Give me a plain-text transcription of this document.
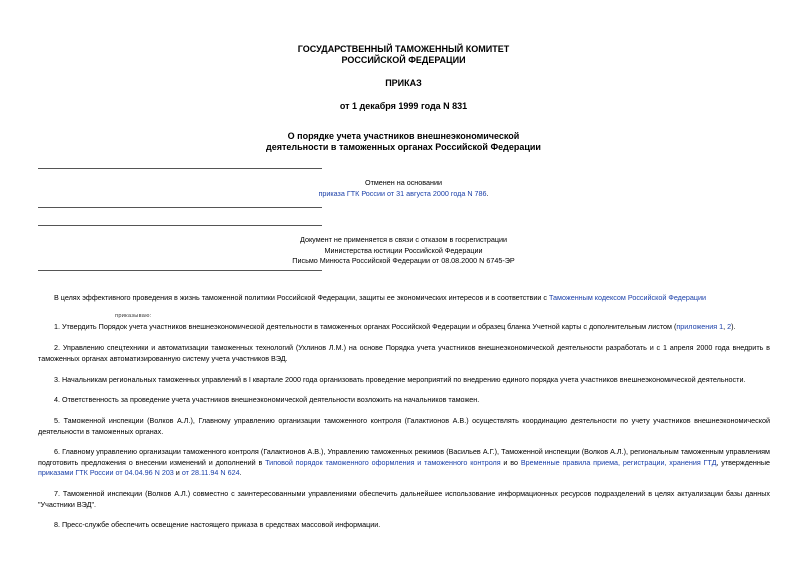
ГОСУДАРСТВЕННЫЙ ТАМОЖЕННЫЙ КОМИТЕТ
РОССИЙСКОЙ ФЕДЕРАЦИИ
ПРИКАЗ
от 1 декабря 1999 года N 831
О порядке учета участников внешнеэкономической
деятельности в таможенных органах Российской Федерации
Отменен на основании
приказа ГТК России от 31 августа 2000 года N 786.
Документ не применяется в связи с отказом в госрегистрации
Министерства юстиции Российской Федерации
Письмо Минюста Российской Федерации от 08.08.2000 N 6745-ЭР
В целях эффективного проведения в жизнь таможенной политики Российской Федерации, защиты ее экономических интересов и в соответствии с Таможенным кодексом Российской Федерации
приказываю:
1. Утвердить Порядок учета участников внешнеэкономической деятельности в таможенных органах Российской Федерации и образец бланка Учетной карты с дополнительным листом (приложения 1, 2).
2. Управлению спецтехники и автоматизации таможенных технологий (Ухлинов Л.М.) на основе Порядка учета участников внешнеэкономической деятельности разработать и с 1 апреля 2000 года внедрить в таможенных органах автоматизированную систему учета участников ВЭД.
3. Начальникам региональных таможенных управлений в I квартале 2000 года организовать проведение мероприятий по внедрению единого порядка учета участников внешнеэкономической деятельности.
4. Ответственность за проведение учета участников внешнеэкономической деятельности возложить на начальников таможен.
5. Таможенной инспекции (Волков А.Л.), Главному управлению организации таможенного контроля (Галактионов А.В.) осуществлять координацию деятельности по учету участников внешнеэкономической деятельности в таможенных органах.
6. Главному управлению организации таможенного контроля (Галактионов А.В.), Управлению таможенных режимов (Васильев А.Г.), Таможенной инспекции (Волков А.Л.), региональным таможенным управлениям подготовить предложения о внесении изменений и дополнений в Типовой порядок таможенного оформления и таможенного контроля и во Временные правила приема, регистрации, хранения ГТД, утвержденные приказами ГТК России от 04.04.96 N 203 и от 28.11.94 N 624.
7. Таможенной инспекции (Волков А.Л.) совместно с заинтересованными управлениями обеспечить дальнейшее использование информационных ресурсов подразделений в целях актуализации базы данных "Участники ВЭД".
8. Пресс-службе обеспечить освещение настоящего приказа в средствах массовой информации.
